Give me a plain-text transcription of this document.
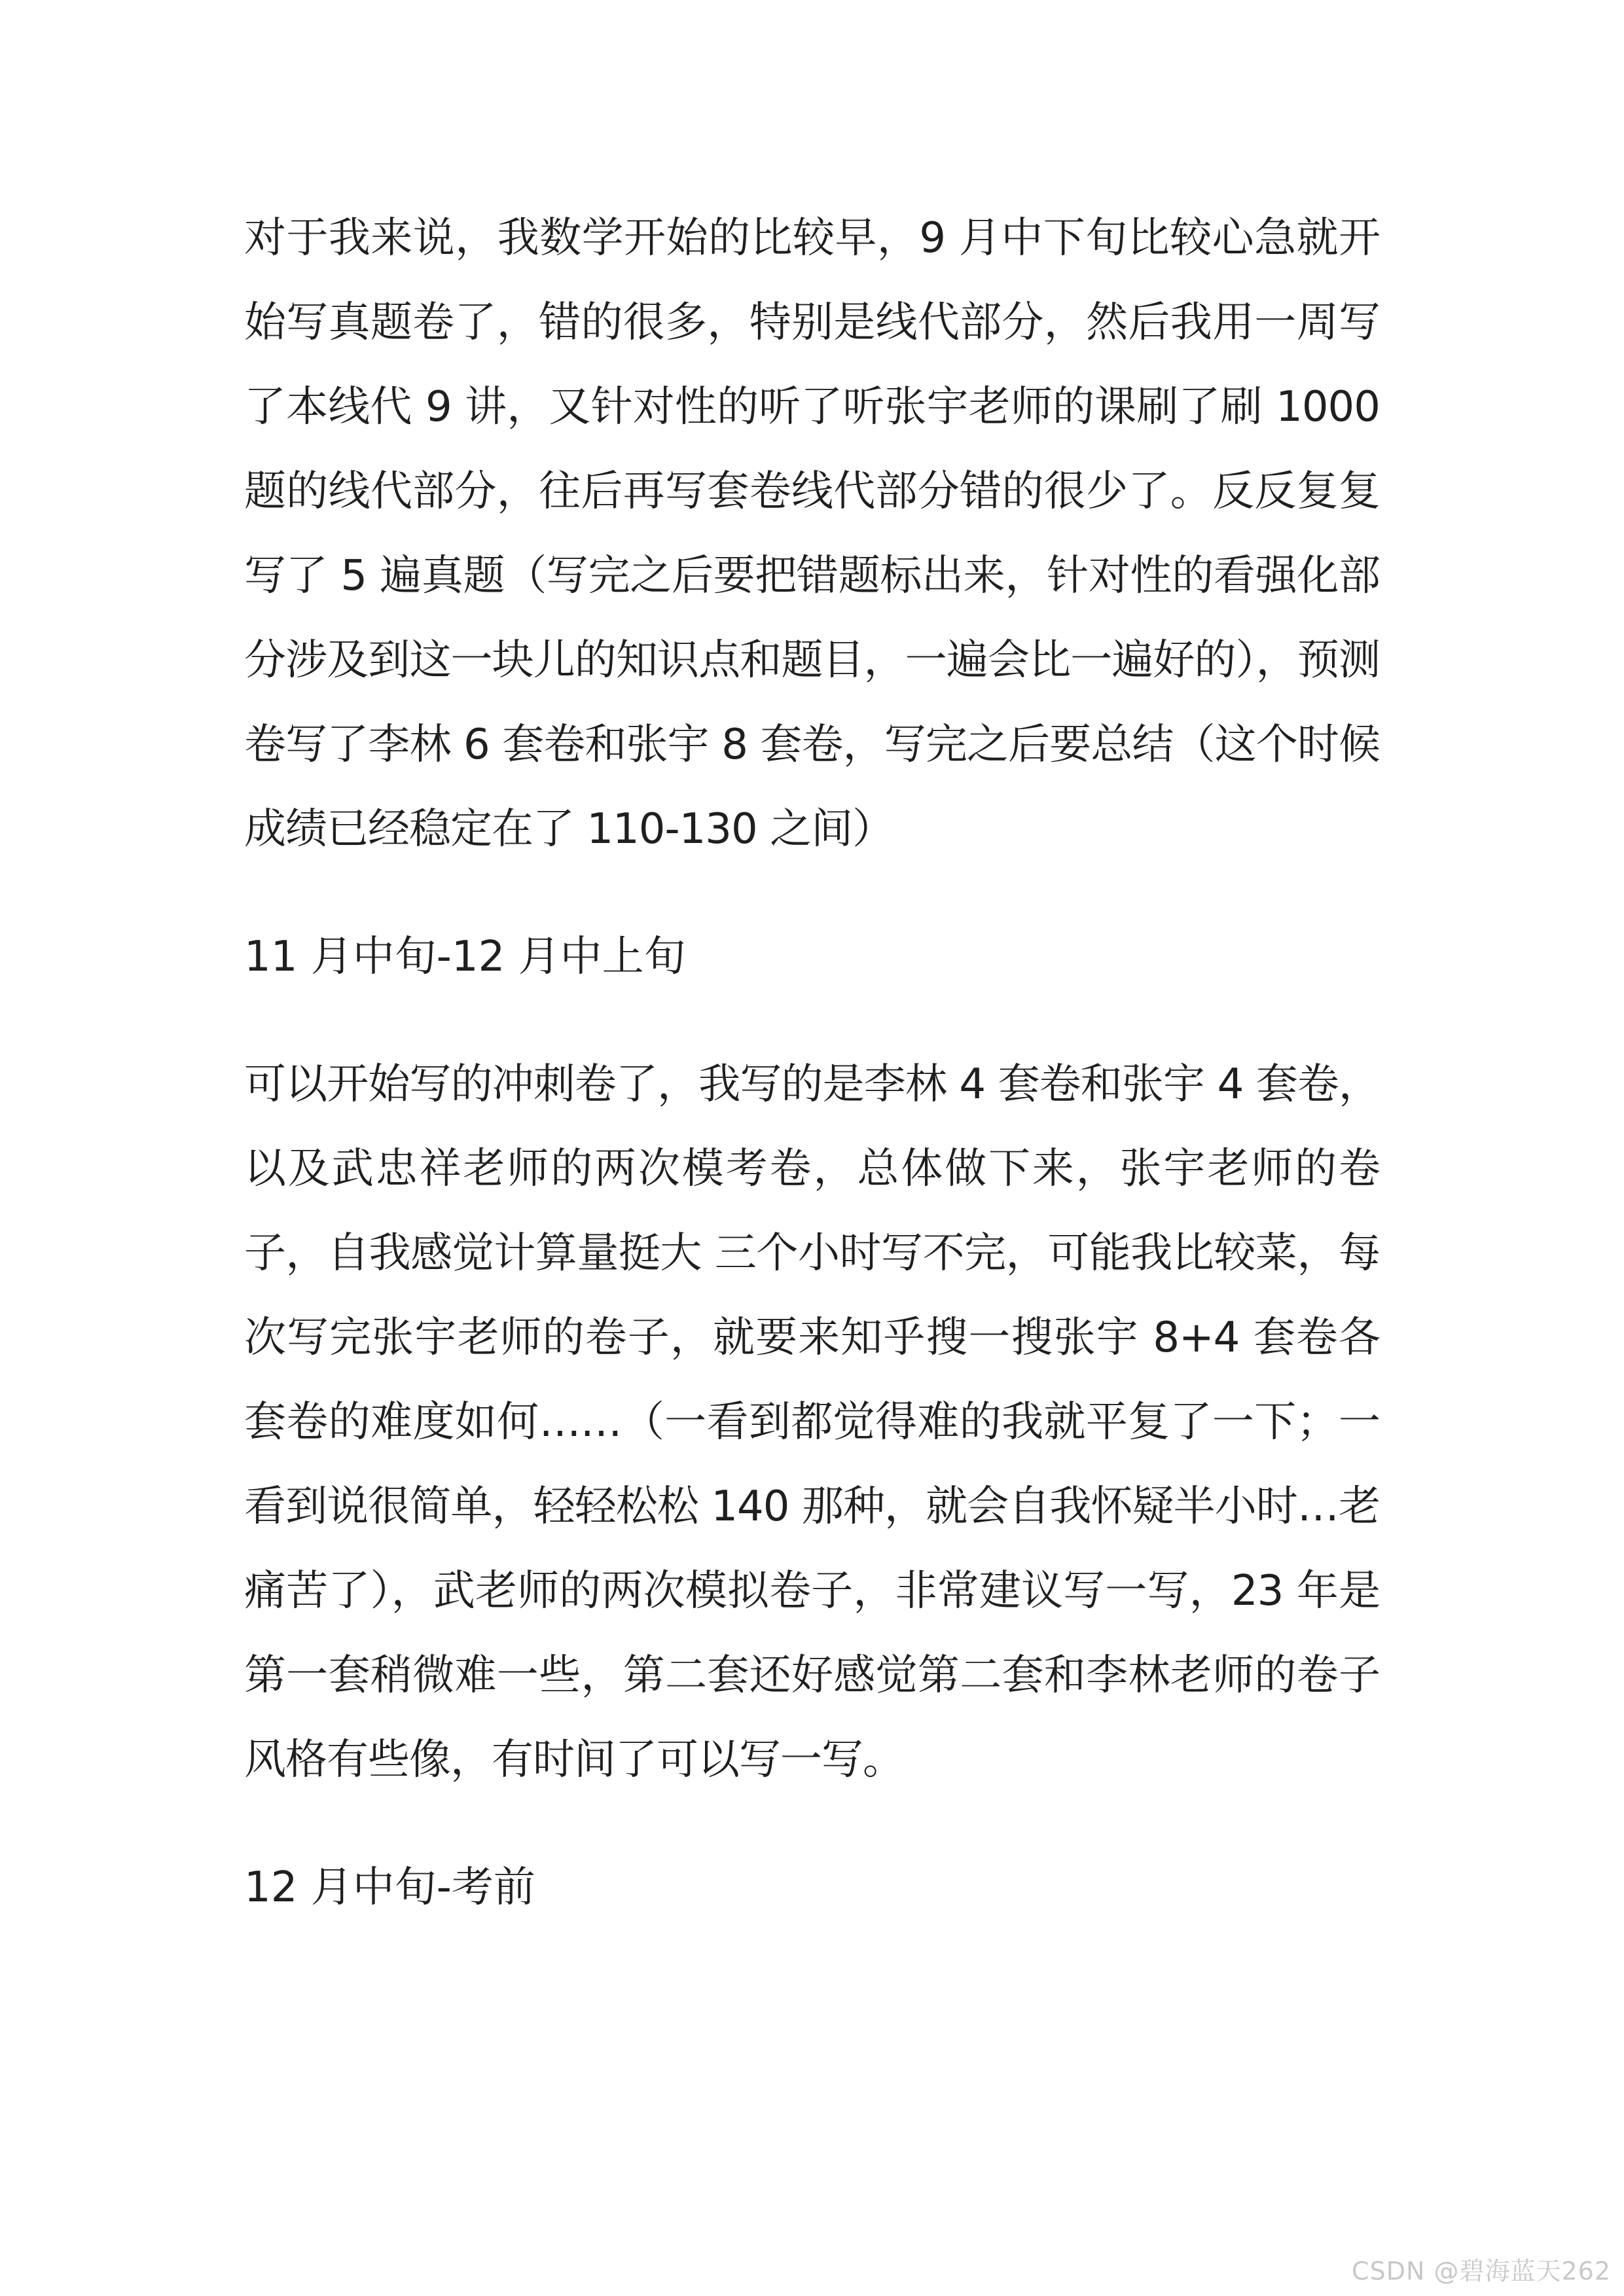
对于我来说，我数学开始的比较早，9 月中下旬比较心急就开始写真题卷了，错的很多，特别是线代部分，然后我用一周写了本线代 9 讲，又针对性的听了听张宇老师的课刷了刷 1000 题的线代部分，往后再写套卷线代部分错的很少了。反反复复写了 5 遍真题（写完之后要把错题标出来，针对性的看强化部分涉及到这一块儿的知识点和题目，一遍会比一遍好的），预测卷写了李林 6 套卷和张宇 8 套卷，写完之后要总结（这个时候成绩已经稳定在了 110-130 之间）

11 月中旬-12 月中上旬

可以开始写的冲刺卷了，我写的是李林 4 套卷和张宇 4 套卷，以及武忠祥老师的两次模考卷，总体做下来，张宇老师的卷子，自我感觉计算量挺大 三个小时写不完，可能我比较菜，每次写完张宇老师的卷子，就要来知乎搜一搜张宇 8+4 套卷各套卷的难度如何……（一看到都觉得难的我就平复了一下；一看到说很简单，轻轻松松 140 那种，就会自我怀疑半小时…老痛苦了），武老师的两次模拟卷子，非常建议写一写，23 年是第一套稍微难一些，第二套还好感觉第二套和李林老师的卷子风格有些像，有时间了可以写一写。

12 月中旬-考前

CSDN @碧海蓝天262
